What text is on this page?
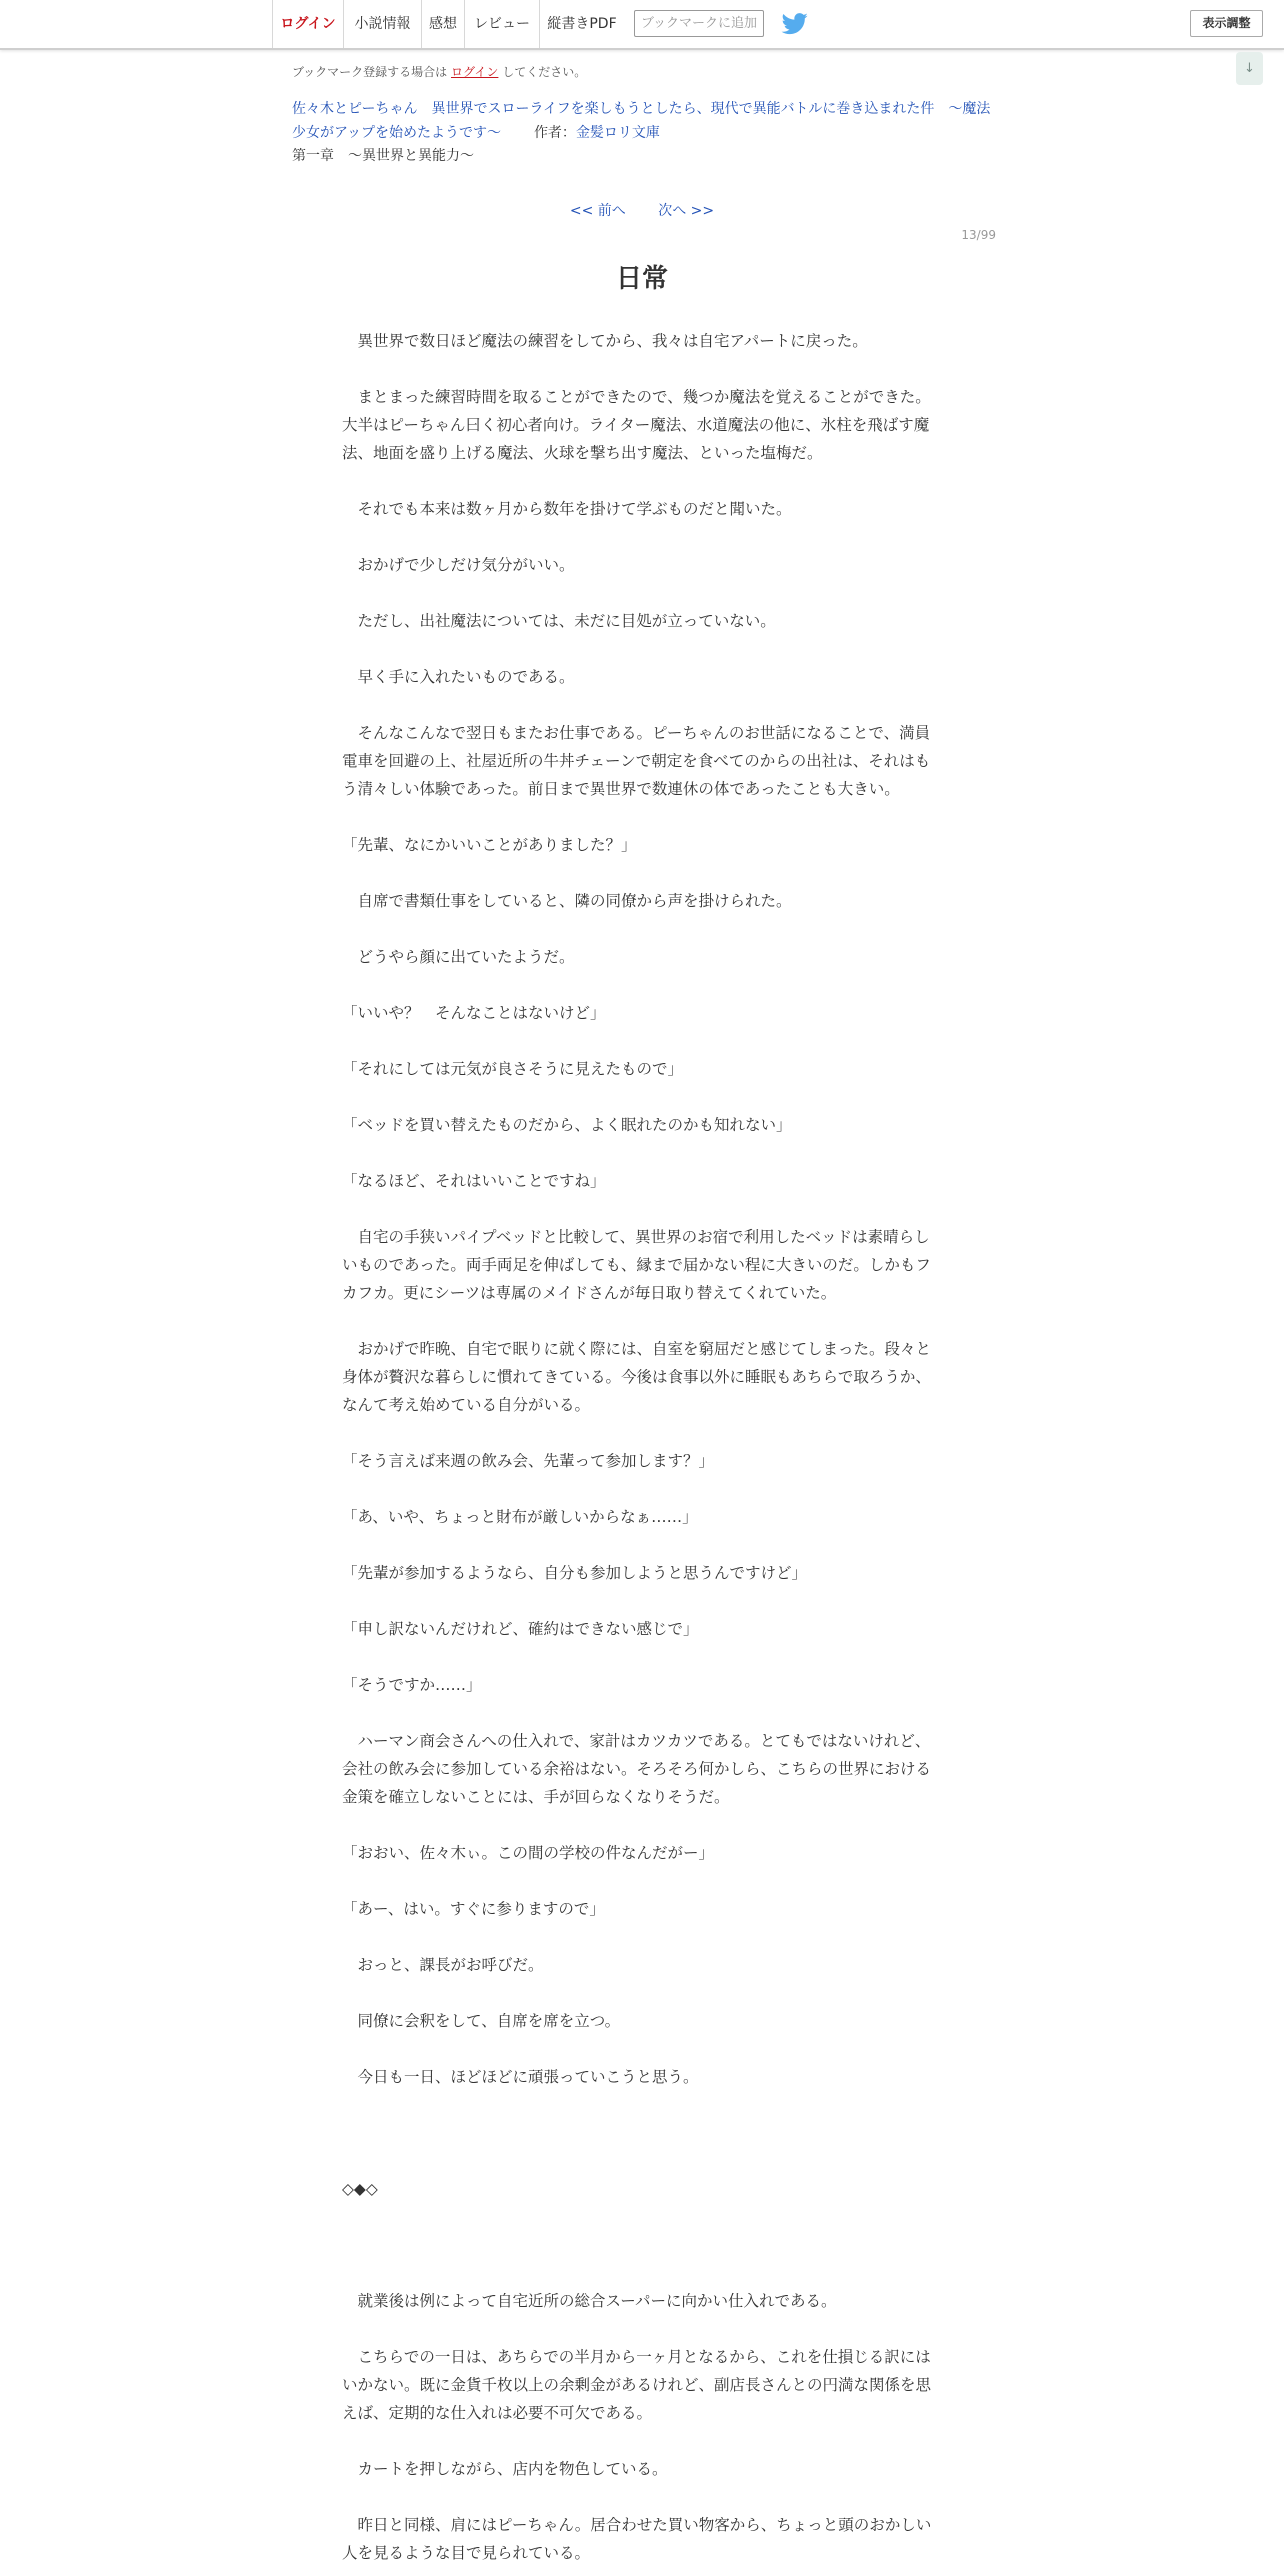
ログイン	小説情報	感想	レビュー	縦書きPDF	ブックマークに追加	表示調整
↓
ブックマーク登録する場合は ログイン してください。
佐々木とピーちゃん　異世界でスローライフを楽しもうとしたら、現代で異能バトルに巻き込まれた件　～魔法少女がアップを始めたようです～ 作者：金髪ロリ文庫
第一章　～異世界と異能力～
<< 前へ 次へ >>
13/99
日常

　異世界で数日ほど魔法の練習をしてから、我々は自宅アパートに戻った。

　まとまった練習時間を取ることができたので、幾つか魔法を覚えることができた。大半はピーちゃん曰く初心者向け。ライター魔法、水道魔法の他に、氷柱を飛ばす魔法、地面を盛り上げる魔法、火球を撃ち出す魔法、といった塩梅だ。

　それでも本来は数ヶ月から数年を掛けて学ぶものだと聞いた。

　おかげで少しだけ気分がいい。

　ただし、出社魔法については、未だに目処が立っていない。

　早く手に入れたいものである。

　そんなこんなで翌日もまたお仕事である。ピーちゃんのお世話になることで、満員電車を回避の上、社屋近所の牛丼チェーンで朝定を食べてのからの出社は、それはもう清々しい体験であった。前日まで異世界で数連休の体であったことも大きい。

「先輩、なにかいいことがありました？」

　自席で書類仕事をしていると、隣の同僚から声を掛けられた。

　どうやら顔に出ていたようだ。

「いいや？　そんなことはないけど」

「それにしては元気が良さそうに見えたもので」

「ベッドを買い替えたものだから、よく眠れたのかも知れない」

「なるほど、それはいいことですね」

　自宅の手狭いパイプベッドと比較して、異世界のお宿で利用したベッドは素晴らしいものであった。両手両足を伸ばしても、縁まで届かない程に大きいのだ。しかもフカフカ。更にシーツは専属のメイドさんが毎日取り替えてくれていた。

　おかげで昨晩、自宅で眠りに就く際には、自室を窮屈だと感じてしまった。段々と身体が贅沢な暮らしに慣れてきている。今後は食事以外に睡眠もあちらで取ろうか、なんて考え始めている自分がいる。

「そう言えば来週の飲み会、先輩って参加します？」

「あ、いや、ちょっと財布が厳しいからなぁ……」

「先輩が参加するようなら、自分も参加しようと思うんですけど」

「申し訳ないんだけれど、確約はできない感じで」

「そうですか……」

　ハーマン商会さんへの仕入れで、家計はカツカツである。とてもではないけれど、会社の飲み会に参加している余裕はない。そろそろ何かしら、こちらの世界における金策を確立しないことには、手が回らなくなりそうだ。

「おおい、佐々木ぃ。この間の学校の件なんだがー」

「あー、はい。すぐに参りますので」

　おっと、課長がお呼びだ。

　同僚に会釈をして、自席を席を立つ。

　今日も一日、ほどほどに頑張っていこうと思う。

◇◆◇

　就業後は例によって自宅近所の総合スーパーに向かい仕入れである。

　こちらでの一日は、あちらでの半月から一ヶ月となるから、これを仕損じる訳にはいかない。既に金貨千枚以上の余剰金があるけれど、副店長さんとの円満な関係を思えば、定期的な仕入れは必要不可欠である。

　カートを押しながら、店内を物色している。

　昨日と同様、肩にはピーちゃん。居合わせた買い物客から、ちょっと頭のおかしい人を見るような目で見られている。
